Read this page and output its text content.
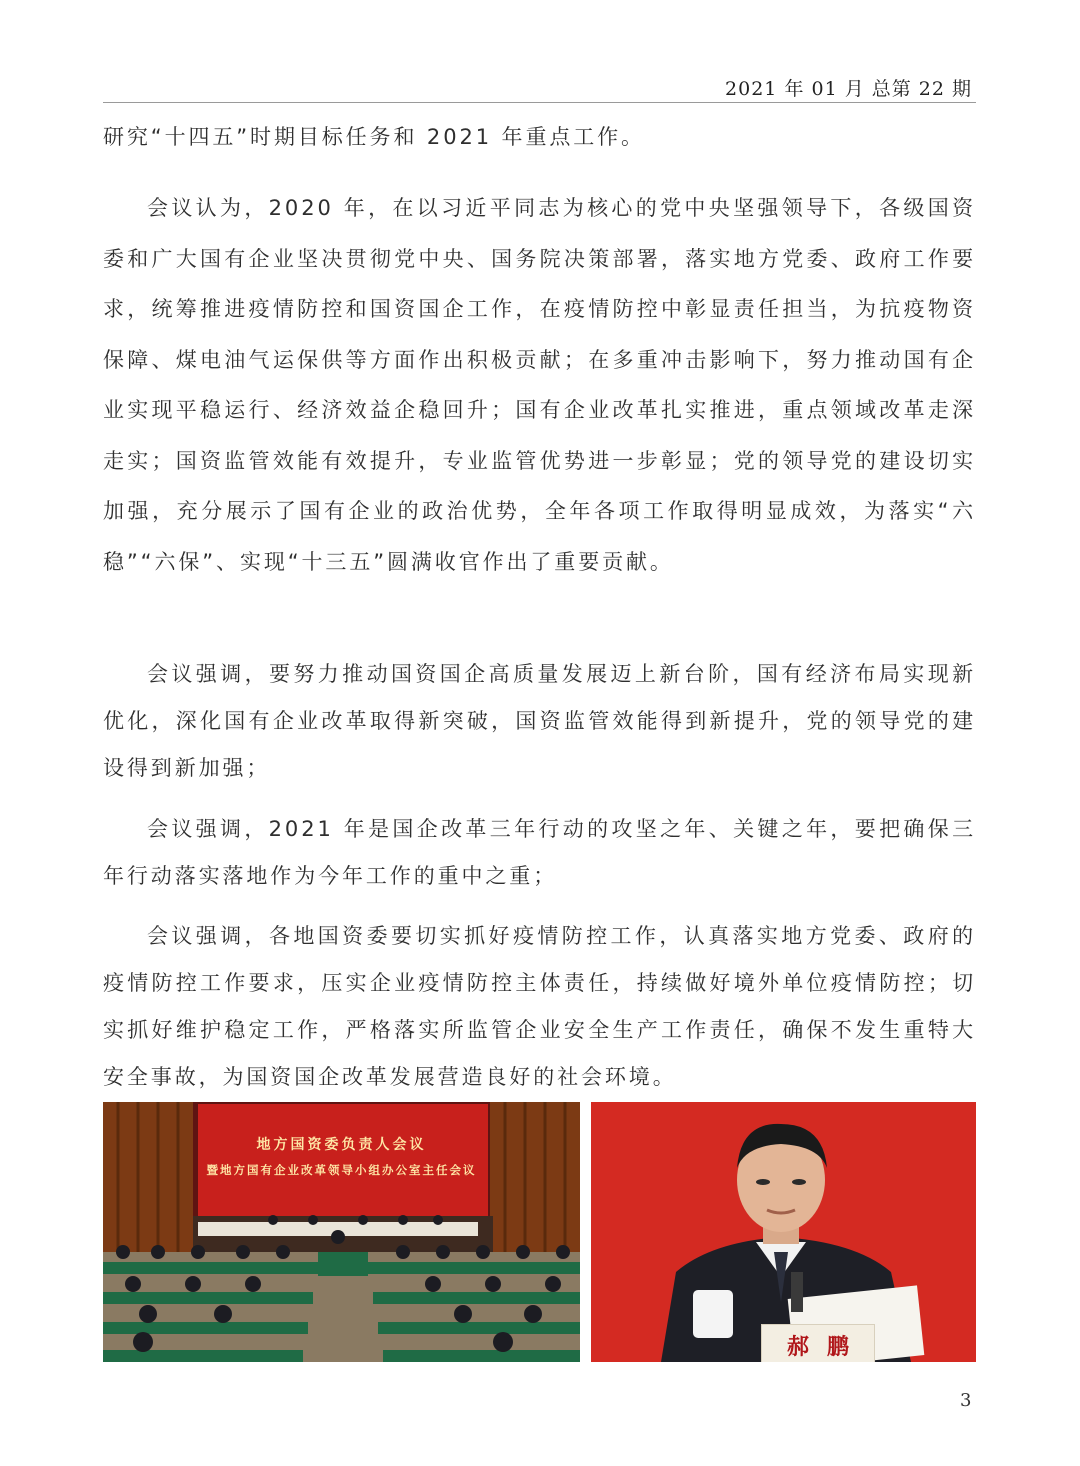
2021 年 01 月 总第 22 期

研究“十四五”时期目标任务和 2021 年重点工作。

会议认为，2020 年，在以习近平同志为核心的党中央坚强领导下，各级国资委和广大国有企业坚决贯彻党中央、国务院决策部署，落实地方党委、政府工作要求，统筹推进疫情防控和国资国企工作，在疫情防控中彰显责任担当，为抗疫物资保障、煤电油气运保供等方面作出积极贡献；在多重冲击影响下，努力推动国有企业实现平稳运行、经济效益企稳回升；国有企业改革扎实推进，重点领域改革走深走实；国资监管效能有效提升，专业监管优势进一步彰显；党的领导党的建设切实加强，充分展示了国有企业的政治优势，全年各项工作取得明显成效，为落实“六稳”“六保”、实现“十三五”圆满收官作出了重要贡献。

会议强调，要努力推动国资国企高质量发展迈上新台阶，国有经济布局实现新优化，深化国有企业改革取得新突破，国资监管效能得到新提升，党的领导党的建设得到新加强；

会议强调，2021 年是国企改革三年行动的攻坚之年、关键之年，要把确保三年行动落实落地作为今年工作的重中之重；

会议强调，各地国资委要切实抓好疫情防控工作，认真落实地方党委、政府的疫情防控工作要求，压实企业疫情防控主体责任，持续做好境外单位疫情防控；切实抓好维护稳定工作，严格落实所监管企业安全生产工作责任，确保不发生重特大安全事故，为国资国企改革发展营造良好的社会环境。

地方国资委负责人会议
暨地方国有企业改革领导小组办公室主任会议
郝鹏
3
